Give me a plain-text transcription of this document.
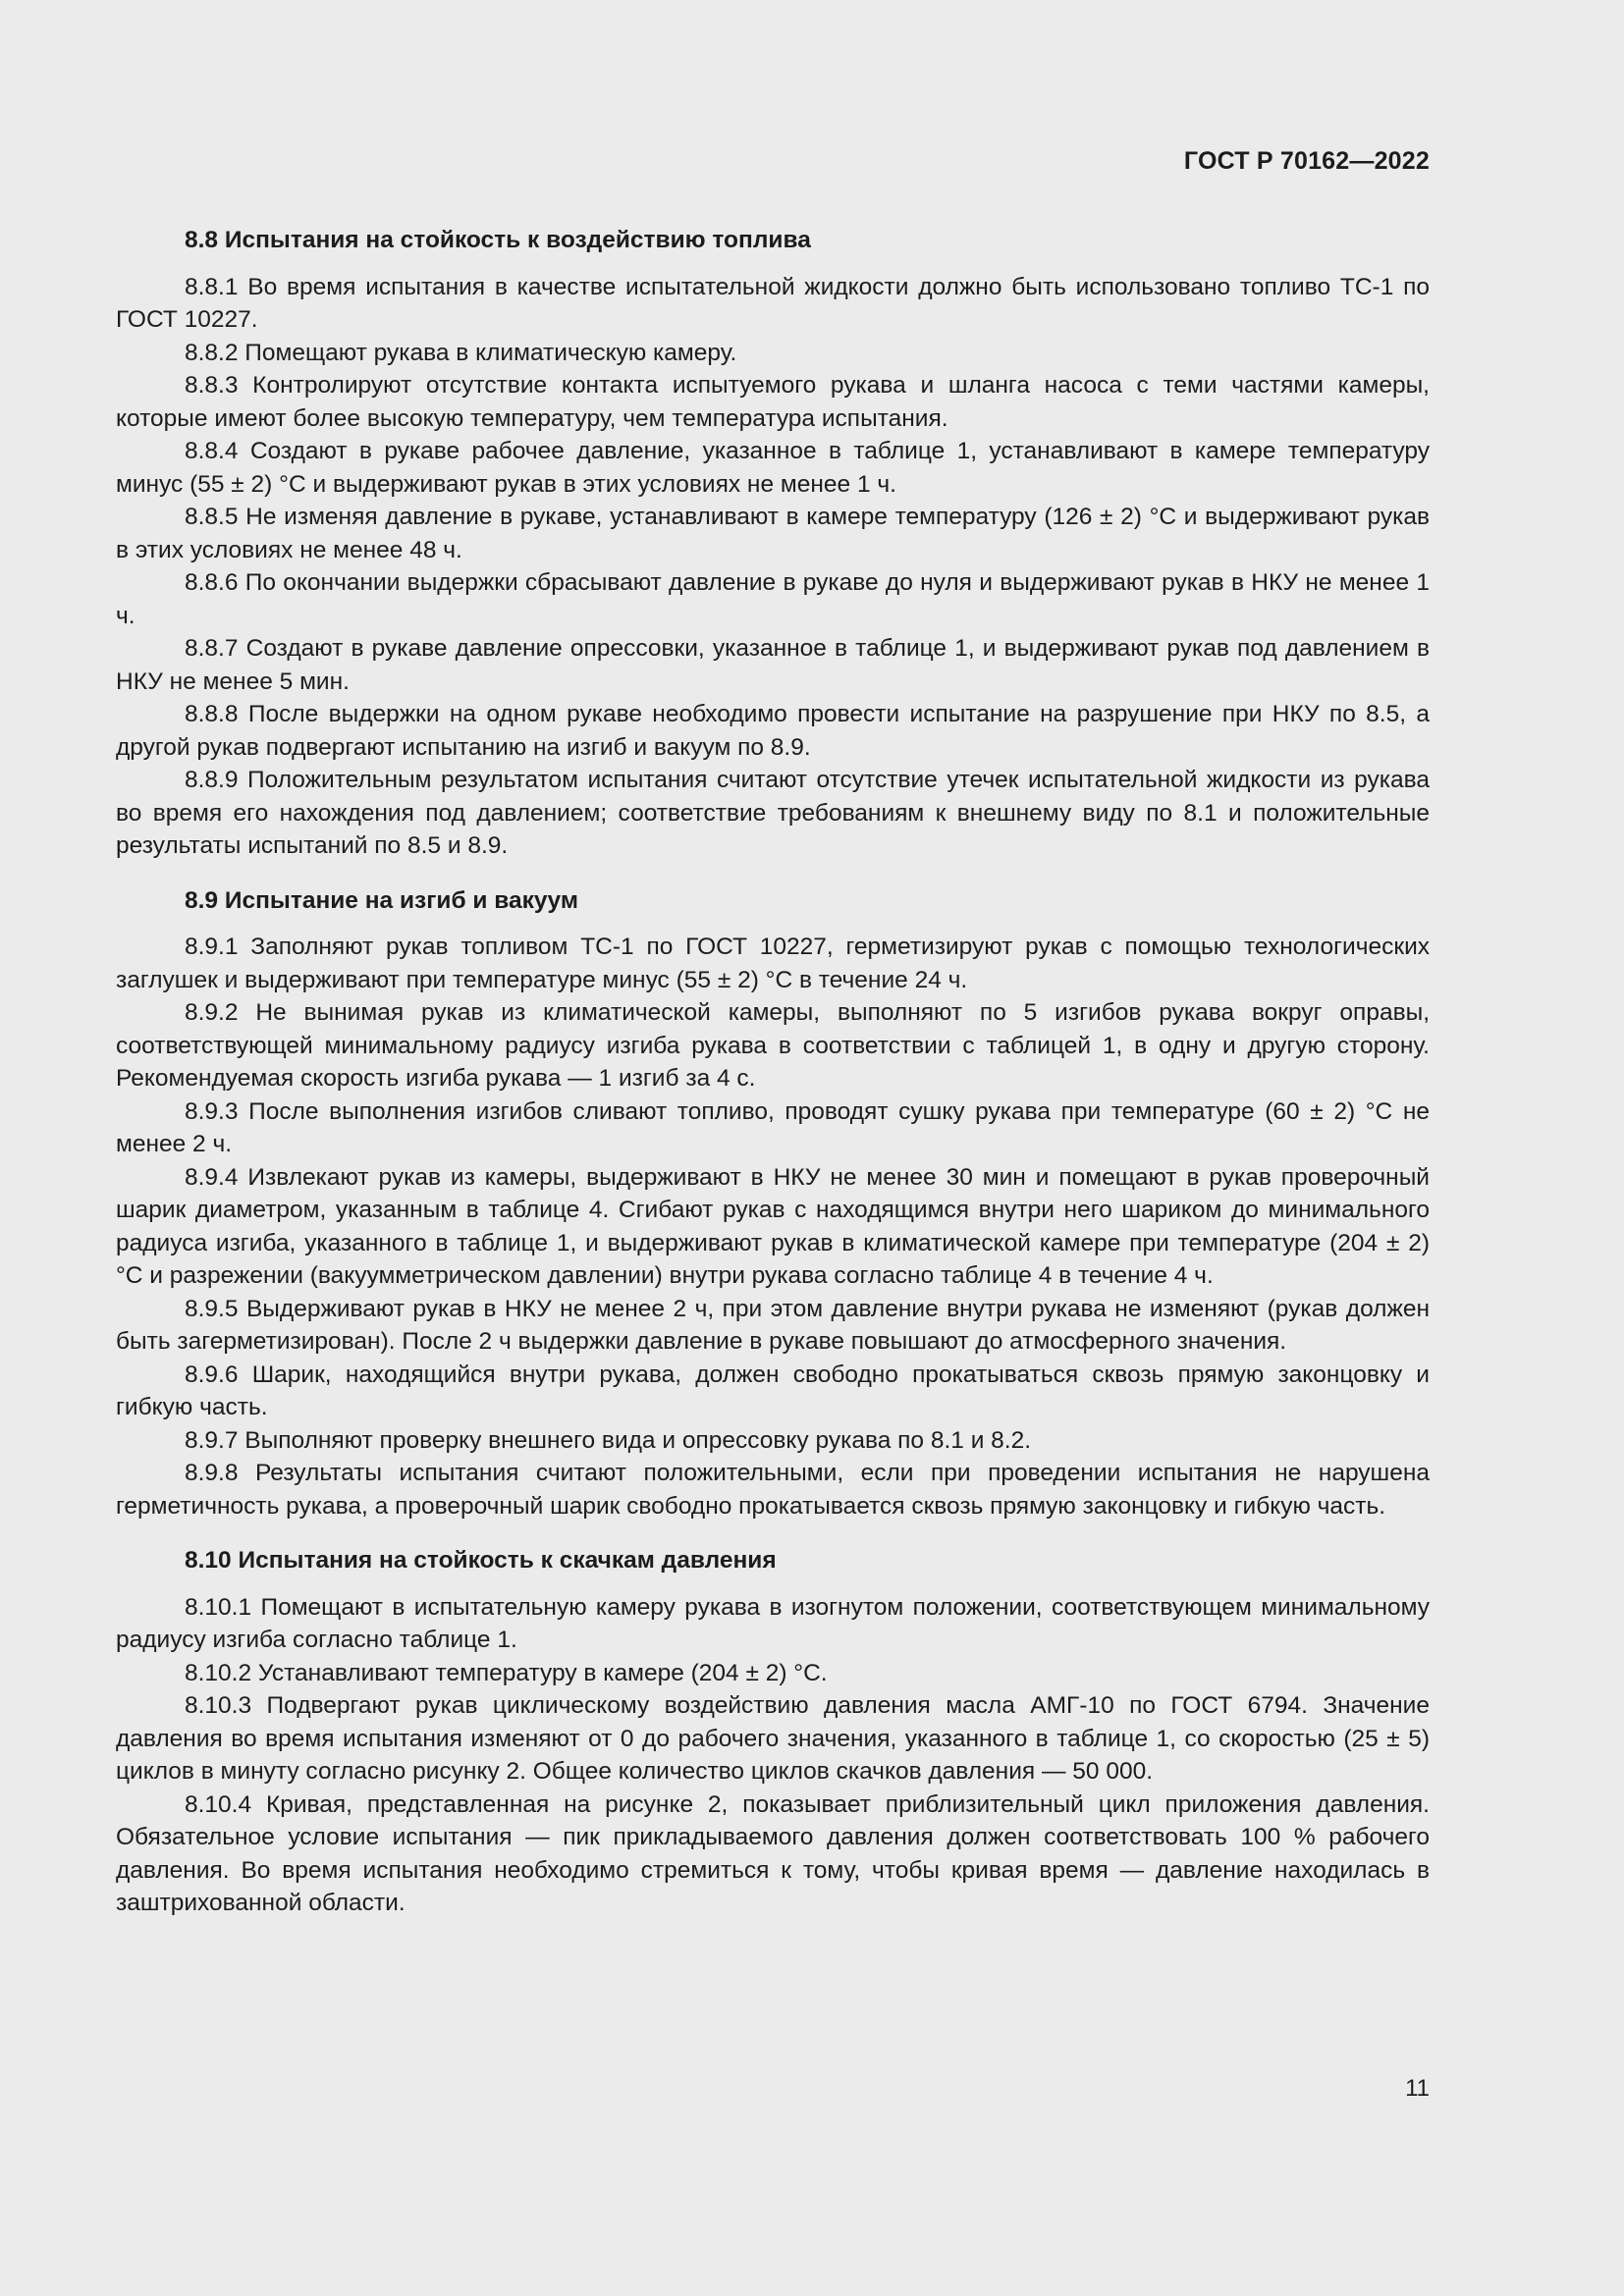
ГОСТ Р 70162—2022
8.8 Испытания на стойкость к воздействию топлива

8.8.1 Во время испытания в качестве испытательной жидкости должно быть использовано топливо ТС-1 по ГОСТ 10227.

8.8.2 Помещают рукава в климатическую камеру.

8.8.3 Контролируют отсутствие контакта испытуемого рукава и шланга насоса с теми частями камеры, которые имеют более высокую температуру, чем температура испытания.

8.8.4 Создают в рукаве рабочее давление, указанное в таблице 1, устанавливают в камере температуру минус (55 ± 2) °С и выдерживают рукав в этих условиях не менее 1 ч.

8.8.5 Не изменяя давление в рукаве, устанавливают в камере температуру (126 ± 2) °С и выдерживают рукав в этих условиях не менее 48 ч.

8.8.6 По окончании выдержки сбрасывают давление в рукаве до нуля и выдерживают рукав в НКУ не менее 1 ч.

8.8.7 Создают в рукаве давление опрессовки, указанное в таблице 1, и выдерживают рукав под давлением в НКУ не менее 5 мин.

8.8.8 После выдержки на одном рукаве необходимо провести испытание на разрушение при НКУ по 8.5, а другой рукав подвергают испытанию на изгиб и вакуум по 8.9.

8.8.9 Положительным результатом испытания считают отсутствие утечек испытательной жидкости из рукава во время его нахождения под давлением; соответствие требованиям к внешнему виду по 8.1 и положительные результаты испытаний по 8.5 и 8.9.

8.9 Испытание на изгиб и вакуум

8.9.1 Заполняют рукав топливом ТС-1 по ГОСТ 10227, герметизируют рукав с помощью технологических заглушек и выдерживают при температуре минус (55 ± 2) °С в течение 24 ч.

8.9.2 Не вынимая рукав из климатической камеры, выполняют по 5 изгибов рукава вокруг оправы, соответствующей минимальному радиусу изгиба рукава в соответствии с таблицей 1, в одну и другую сторону. Рекомендуемая скорость изгиба рукава — 1 изгиб за 4 с.

8.9.3 После выполнения изгибов сливают топливо, проводят сушку рукава при температуре (60 ± 2) °С не менее 2 ч.

8.9.4 Извлекают рукав из камеры, выдерживают в НКУ не менее 30 мин и помещают в рукав проверочный шарик диаметром, указанным в таблице 4. Сгибают рукав с находящимся внутри него шариком до минимального радиуса изгиба, указанного в таблице 1, и выдерживают рукав в климатической камере при температуре (204 ± 2) °С и разрежении (вакуумметрическом давлении) внутри рукава согласно таблице 4 в течение 4 ч.

8.9.5 Выдерживают рукав в НКУ не менее 2 ч, при этом давление внутри рукава не изменяют (рукав должен быть загерметизирован). После 2 ч выдержки давление в рукаве повышают до атмосферного значения.

8.9.6 Шарик, находящийся внутри рукава, должен свободно прокатываться сквозь прямую законцовку и гибкую часть.

8.9.7 Выполняют проверку внешнего вида и опрессовку рукава по 8.1 и 8.2.

8.9.8 Результаты испытания считают положительными, если при проведении испытания не нарушена герметичность рукава, а проверочный шарик свободно прокатывается сквозь прямую законцовку и гибкую часть.

8.10 Испытания на стойкость к скачкам давления

8.10.1 Помещают в испытательную камеру рукава в изогнутом положении, соответствующем минимальному радиусу изгиба согласно таблице 1.

8.10.2 Устанавливают температуру в камере (204 ± 2) °С.

8.10.3 Подвергают рукав циклическому воздействию давления масла АМГ-10 по ГОСТ 6794. Значение давления во время испытания изменяют от 0 до рабочего значения, указанного в таблице 1, со скоростью (25 ± 5) циклов в минуту согласно рисунку 2. Общее количество циклов скачков давления — 50 000.

8.10.4 Кривая, представленная на рисунке 2, показывает приблизительный цикл приложения давления. Обязательное условие испытания — пик прикладываемого давления должен соответствовать 100 % рабочего давления. Во время испытания необходимо стремиться к тому, чтобы кривая время — давление находилась в заштрихованной области.

11
